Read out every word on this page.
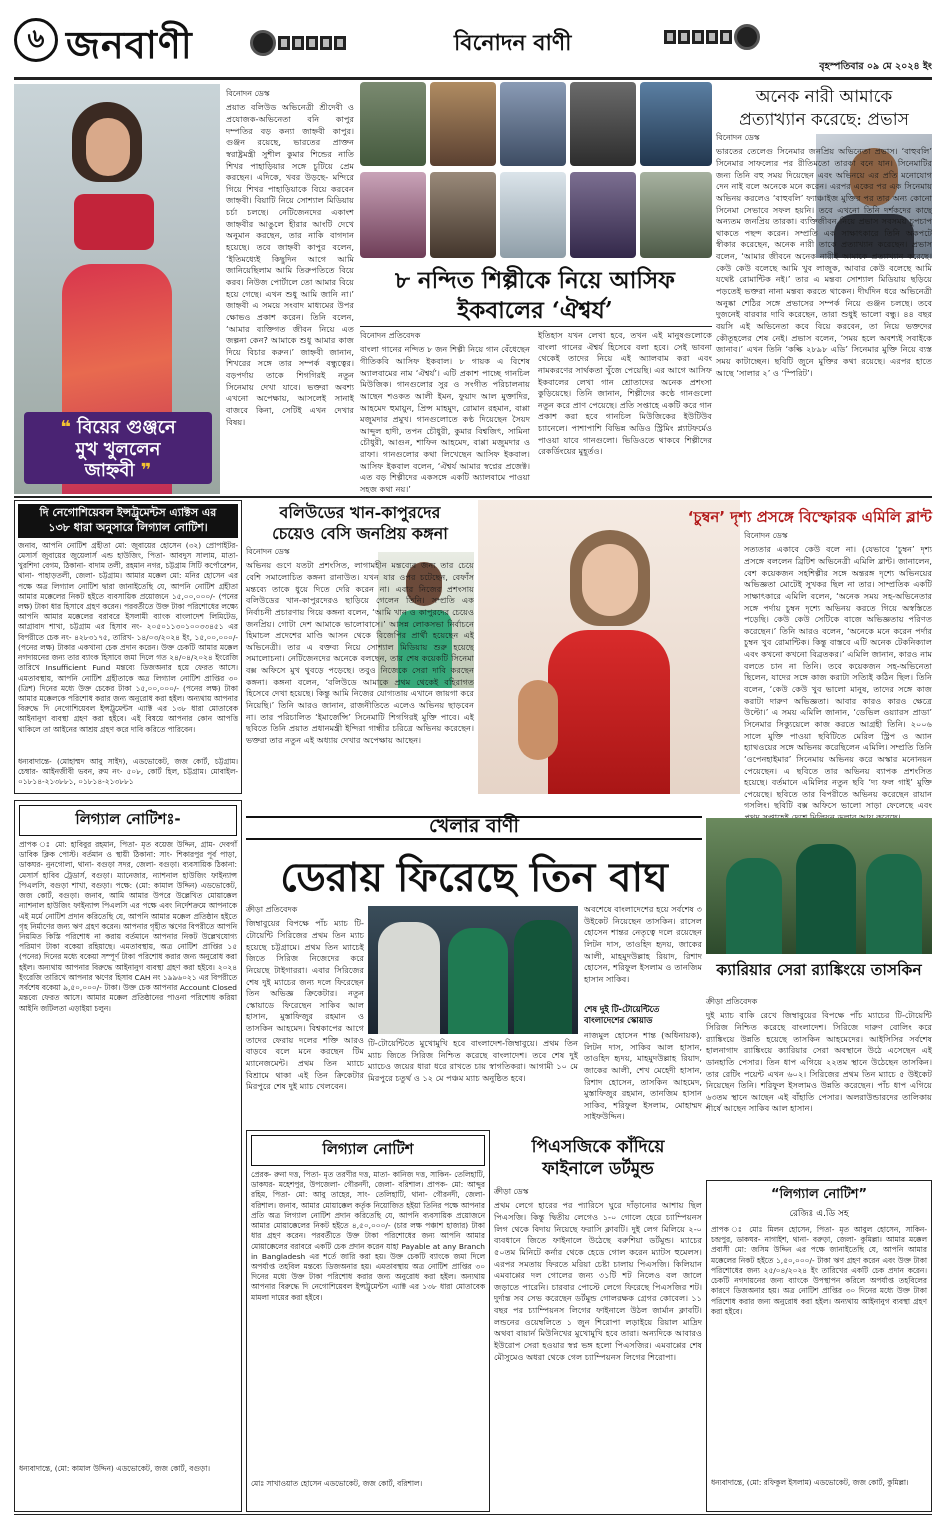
৬ জনবাণী	বিনোদন বাণী
বৃহস্পতিবার ০৯ মে ২০২৪ ইং
❝ বিয়ের গুঞ্জনে
মুখ খুললেন
জাহ্নবী ❞
বিনোদন ডেস্ক

প্রয়াত বলিউড অভিনেত্রী শ্রীদেবী ও প্রযোজক-অভিনেতা বনি কাপুর দম্পতির বড় কন্যা জাহ্নবী কাপুর। গুঞ্জন রয়েছে, ভারতের প্রাক্তন স্বরাষ্ট্রমন্ত্রী সুশীল কুমার শিন্ডের নাতি শিখর পাহাড়িয়ার সঙ্গে চুটিয়ে প্রেম করছেন। এদিকে, খবর উড়ছে- মন্দিরে গিয়ে শিখর পাহাড়িয়াকে বিয়ে করবেন জাহ্নবী। বিয়াটি নিয়ে সোশ্যাল মিডিয়ায় চর্চা চলছে। নেটিজেনদের একাংশ জাহ্নবীর আঙুলে হীরার আংটি দেখে অনুমান করছেন, তার নাকি বাগদান হয়েছে। তবে জাহ্নবী কাপুর বলেন, ‘ইতিমধ্যেই কিছুদিন আগে আমি জানিয়েছিলাম আমি তিরুপতিতে বিয়ে করব। নিউজ পোর্টালে তো আমার বিয়ে হয়ে গেছে। এখন শুধু আমি জানি না।’ জাহ্নবী এ সময়ে সংবাদ মাধ্যমের উপর ক্ষোভও প্রকাশ করেন। তিনি বলেন, ‘আমার ব্যক্তিগত জীবন নিয়ে এত জল্পনা কেন? আমাকে শুধু আমার কাজ দিয়ে বিচার করুন।’ জাহ্নবী জানান, শিখরের সঙ্গে তার সম্পর্ক বন্ধুত্বের। বড়পর্দায় তাকে শিগগিরই নতুন সিনেমায় দেখা যাবে। ভক্তরা অবশ্য এখনো অপেক্ষায়, আসলেই সানাই বাজবে কিনা, সেটিই এখন দেখার বিষয়।

৮ নন্দিত শিল্পীকে নিয়ে আসিফ
ইকবালের ‘ঐশ্বর্য’
বিনোদন প্রতিবেদক

বাংলা গানের নন্দিত ৮ জন শিল্পী নিয়ে গান বেঁধেছেন গীতিকবি আসিফ ইকবাল। ৮ গায়ক এ বিশেষ অ্যালবামের নাম ‘ঐশ্বর্য’। এটি প্রকাশ পাচ্ছে গানচিল মিউজিক। গানগুলোর সুর ও সংগীত পরিচালনায় আছেন শওকত আলী ইমন, ফুয়াদ আল মুক্তাদির, আহমেদ হুমায়ুন, প্রিন্স মাহমুদ, রোমান রহমান, বাপ্পা মজুমদার প্রমুখ। গানগুলোতে কণ্ঠ দিয়েছেন সৈয়দ আব্দুল হাদী, তপন চৌধুরী, কুমার বিশ্বজিৎ, সামিনা চৌধুরী, আগুন, শাফিন আহমেদ, বাপ্পা মজুমদার ও রাফা। গানগুলোর কথা লিখেছেন আসিফ ইকবাল। আসিফ ইকবাল বলেন, ‘ঐশ্বর্য আমার স্বপ্নের প্রজেক্ট। এত বড় শিল্পীদের একসঙ্গে একটি অ্যালবামে পাওয়া সহজ কথা নয়।’

ইতিহাস যখন লেখা হবে, তখন এই মানুষগুলোকে বাংলা গানের ঐশ্বর্য হিসেবে বলা হবে। সেই ভাবনা থেকেই তাদের নিয়ে এই অ্যালবাম করা এবং নামকরণের সার্থকতা খুঁজে পেয়েছি। এর আগে আসিফ ইকবালের লেখা গান শ্রোতাদের অনেক প্রশংসা কুড়িয়েছে। তিনি জানান, শিল্পীদের কণ্ঠে গানগুলো নতুন করে প্রাণ পেয়েছে। প্রতি সপ্তাহে একটি করে গান প্রকাশ করা হবে গানচিল মিউজিকের ইউটিউব চ্যানেলে। পাশাপাশি বিভিন্ন অডিও স্ট্রিমিং প্ল্যাটফর্মেও পাওয়া যাবে গানগুলো। ভিডিওতে থাকবে শিল্পীদের রেকর্ডিংয়ের মুহূর্তও।

অনেক নারী আমাকে
প্রত্যাখ্যান করেছে: প্রভাস
বিনোদন ডেস্ক

ভারতের তেলেগু সিনেমার জনপ্রিয় অভিনেতা প্রভাস। ‘বাহুবলি’ সিনেমার সাফল্যের পর রীতিমতো তারকা বনে যান। সিনেমাটির জন্য তিনি বহু সময় দিয়েছেন এবং অভিনয়ে এর প্রতি মনোযোগ দেন নাই বলে অনেকে মনে করেন। এরপর একের পর এক সিনেমায় অভিনয় করলেও ‘বাহুবলি’ ফ্যাঞ্চাইজ মুক্তির পর তার অন্য কোনো সিনেমা সেভাবে সফল হয়নি। তবে এখনো তিনি দর্শকদের কাছে অন্যতম জনপ্রিয় তারকা। ব্যক্তিজীবন নিয়ে প্রভাস সবসময় চুপচাপ থাকতে পছন্দ করেন। সম্প্রতি এক সাক্ষাৎকারে তিনি অকপটে স্বীকার করেছেন, অনেক নারী তাকে প্রত্যাখ্যান করেছেন। প্রভাস বলেন, ‘আমার জীবনে অনেক নারীই আমাকে প্রত্যাখ্যান করেছে। কেউ কেউ বলেছে আমি খুব লাজুক, আবার কেউ বলেছে আমি যথেষ্ট রোমান্টিক নই।’ তার এ মন্তব্য সোশ্যাল মিডিয়ায় ছড়িয়ে পড়তেই ভক্তরা নানা মন্তব্য করতে থাকেন। দীর্ঘদিন ধরে অভিনেত্রী অনুষ্কা শেঠির সঙ্গে প্রভাসের সম্পর্ক নিয়ে গুঞ্জন চলছে। তবে দুজনেই বারবার দাবি করেছেন, তারা শুধুই ভালো বন্ধু। ৪৪ বছর বয়সি এই অভিনেতা কবে বিয়ে করবেন, তা নিয়ে ভক্তদের কৌতূহলের শেষ নেই। প্রভাস বলেন, ‘সময় হলে অবশ্যই সবাইকে জানাব।’ এখন তিনি ‘কল্কি ২৮৯৮ এডি’ সিনেমার মুক্তি নিয়ে ব্যস্ত সময় কাটাচ্ছেন। ছবিটি জুনে মুক্তির কথা রয়েছে। এরপর হাতে আছে ‘সালার ২’ ও ‘স্পিরিট’।

দি নেগোশিয়েবল ইন্সট্রুমেন্টস এ্যাক্টস এর
১৩৮ ধারা অনুসারে লিগ্যাল নোটিশ।
জনাব, আপনি নোটিশ গ্রহীতা মো: জুবায়ের হোসেন (৩২) প্রোপাইটর- মেসার্স জুবায়ের জুয়েলার্স এন্ড হাউজিং, পিতা- আবদুস সালাম, মাতা- খুরশিদা বেগম, ঠিকানা- বাদাম তলী, রহমান নগর, চট্টগ্রাম সিটি কর্পোরেশন, থানা- পাহাড়তলী, জেলা- চট্টগ্রাম। আমার মক্কেল মো: মনির হোসেন এর পক্ষে অত্র লিগ্যাল নোটিশ দ্বারা জানাইতেছি যে, আপনি নোটিশ গ্রহীতা আমার মক্কেলের নিকট হইতে ব্যবসায়িক প্রয়োজনে ১৫,০০,০০০/- (পনের লক্ষ) টাকা ধার হিসাবে গ্রহণ করেন। পরবর্তীতে উক্ত টাকা পরিশোধের লক্ষ্যে আপনি আমার মক্কেলের বরাবরে ইসলামী ব্যাংক বাংলাদেশ লিমিটেড, আগ্রাবাদ শাখা, চট্টগ্রাম এর হিসাব নং- ২০৫০১১৩০১০০৩৩৪৫১ এর বিপরীতে চেক নং- ৪২৮৩১৭৫, তারিখ- ১৪/০৩/২০২৪ ইং, ১৫,০০,০০০/- (পনের লক্ষ) টাকার একখানা চেক প্রদান করেন। উক্ত চেকটি আমার মক্কেল নগদায়নের জন্য তার ব্যাংক হিসাবে জমা দিলে গত ২৪/০৪/২০২৪ ইংরেজি তারিখে Insufficient Fund মন্তব্যে ডিজঅনার হয়ে ফেরত আসে। এমতাবস্থায়, আপনি নোটিশ গ্রহীতাকে অত্র লিগ্যাল নোটিশ প্রাপ্তির ৩০ (ত্রিশ) দিনের মধ্যে উক্ত চেকের টাকা ১৫,০০,০০০/- (পনের লক্ষ) টাকা আমার মক্কেলকে পরিশোধ করার জন্য অনুরোধ করা হইল। অন্যথায় আপনার বিরুদ্ধে দি নেগোশিয়েবল ইন্সট্রুমেন্টস এ্যাক্ট এর ১৩৮ ধারা মোতাবেক আইনানুগ ব্যবস্থা গ্রহণ করা হইবে। এই বিষয়ে আপনার কোন আপত্তি থাকিলে তা আইনের আশ্রয় গ্রহণ করে দাবি করিতে পারিবেন।
ধন্যবাদান্তে- (মোহাম্মদ আবু সাইদ), এডভোকেট, জজ কোর্ট, চট্টগ্রাম। চেম্বার- আইনজীবী ভবন, রুম নং- ৫০৮, কোর্ট হিল, চট্টগ্রাম। মোবাইল- ০১৮১৪-২১৩৮৮১, ০১৮১৪-২১৩৮৮১
বলিউডের খান-কাপুরদের
চেয়েও বেসি জনপ্রিয় কঙ্গনা
বিনোদন ডেস্ক

অভিনয় গুণে যতটা প্রশংসিত, লাগামহীন মন্তব্যের জন্য তার চেয়ে বেশি সমালোচিত কঙ্গনা রানাউত। যখন যার ওপর চটেছেন, বেফাঁস মন্তব্যে তাকে ধুয়ে দিতে দেরি করেন না। এবার নিজের প্রশংসায় বলিউডের খান-কাপুরদেরও ছাড়িয়ে গেলেন তিনি। সম্প্রতি এক নির্বাচনী প্রচারণায় গিয়ে কঙ্গনা বলেন, ‘আমি খান ও কাপুরদের চেয়েও জনপ্রিয়। গোটা দেশ আমাকে ভালোবাসে।’ আসন্ন লোকসভা নির্বাচনে হিমাচল প্রদেশের মাণ্ডি আসন থেকে বিজেপির প্রার্থী হয়েছেন এই অভিনেত্রী। তার এ বক্তব্য নিয়ে সোশ্যাল মিডিয়ায় শুরু হয়েছে সমালোচনা। নেটিজেনদের অনেকে বলছেন, তার শেষ কয়েকটি সিনেমা বক্স অফিসে মুখ থুবড়ে পড়েছে। তবুও নিজেকে সেরা দাবি করছেন কঙ্গনা। কঙ্গনা বলেন, ‘বলিউডে আমাকে প্রথম থেকেই বহিরাগত হিসেবে দেখা হয়েছে। কিন্তু আমি নিজের যোগ্যতায় এখানে জায়গা করে নিয়েছি।’ তিনি আরও জানান, রাজনীতিতে এলেও অভিনয় ছাড়বেন না। তার পরিচালিত ‘ইমার্জেন্সি’ সিনেমাটি শিগগিরই মুক্তি পাবে। এই ছবিতে তিনি প্রয়াত প্রধানমন্ত্রী ইন্দিরা গান্ধীর চরিত্রে অভিনয় করেছেন। ভক্তরা তার নতুন এই অধ্যায় দেখার অপেক্ষায় আছেন।

‘চুম্বন’ দৃশ্য প্রসঙ্গে বিস্ফোরক এমিলি ব্লান্ট
বিনোদন ডেস্ক

সত্যতার একাবে কেউ বলে না। (যেভাবে ‘চুম্বন’ দৃশ্য প্রসঙ্গে বললেন ব্রিটিশ অভিনেত্রী এমিলি ব্লান্ট। জানালেন, বেশ কয়েকজন সহশিল্পীর সঙ্গে অন্তরঙ্গ দৃশ্যে অভিনয়ের অভিজ্ঞতা মোটেই সুখকর ছিল না তার। সাম্প্রতিক একটি সাক্ষাৎকারে এমিলি বলেন, ‘অনেক সময় সহ-অভিনেতার সঙ্গে পর্দায় চুম্বন দৃশ্যে অভিনয় করতে গিয়ে অস্বস্তিতে পড়েছি। কেউ কেউ সেটিকে বাজে অভিজ্ঞতায় পরিণত করেছেন।’ তিনি আরও বলেন, ‘অনেকে মনে করেন পর্দার চুম্বন খুব রোমান্টিক। কিন্তু বাস্তবে এটি অনেক টেকনিক্যাল এবং কখনো কখনো বিব্রতকর।’ এমিলি জানান, কারও নাম বলতে চান না তিনি। তবে কয়েকজন সহ-অভিনেতা ছিলেন, যাদের সঙ্গে কাজ করাটা সত্যিই কঠিন ছিল। তিনি বলেন, ‘কেউ কেউ খুব ভালো মানুষ, তাদের সঙ্গে কাজ করাটা দারুণ অভিজ্ঞতা। আবার কারও কারও ক্ষেত্রে উল্টো।’ এ সময় এমিলি জানান, ‘ডেভিল ওয়্যারস প্রাডা’ সিনেমার সিক্যুয়েলে কাজ করতে আগ্রহী তিনি। ২০০৬ সালে মুক্তি পাওয়া ছবিটিতে মেরিল স্ট্রিপ ও অ্যান হ্যাথওয়ের সঙ্গে অভিনয় করেছিলেন এমিলি। সম্প্রতি তিনি ‘ওপেনহাইমার’ সিনেমায় অভিনয় করে অস্কার মনোনয়ন পেয়েছেন। এ ছবিতে তার অভিনয় ব্যাপক প্রশংসিত হয়েছে। বর্তমানে এমিলির নতুন ছবি ‘দ্য ফল গাই’ মুক্তি পেয়েছে। ছবিতে তার বিপরীতে অভিনয় করেছেন রায়ান গসলিং। ছবিটি বক্স অফিসে ভালো সাড়া ফেলেছে এবং

খেলার বাণী
ডেরায় ফিরেছে তিন বাঘ
ক্যারিয়ার সেরা র‌্যাঙ্কিংয়ে তাসকিন
ক্রীড়া প্রতিবেদক

দুই ম্যাচ বাকি রেখে জিম্বাবুয়ের বিপক্ষে পাঁচ ম্যাচের টি-টোয়েন্টি সিরিজ নিশ্চিত করেছে বাংলাদেশ। সিরিজে দারুণ বোলিং করে র‌্যাঙ্কিংয়ে উন্নতি হয়েছে তাসকিন আহমেদের। আইসিসির সর্বশেষ হালনাগাদ র‌্যাঙ্কিংয়ে ক্যারিয়ার সেরা অবস্থানে উঠে এসেছেন এই ডানহাতি পেসার। তিন ধাপ এগিয়ে ২২তম স্থানে উঠেছেন তাসকিন। তার রেটিং পয়েন্ট এখন ৬০২। সিরিজের প্রথম তিন ম্যাচে ৫ উইকেট নিয়েছেন তিনি। শরিফুল ইসলামও উন্নতি করেছেন। পাঁচ ধাপ এগিয়ে ৬৩তম স্থানে আছেন এই বাঁহাতি পেসার। অলরাউন্ডারদের তালিকায় শীর্ষে আছেন সাকিব আল হাসান।

ক্রীড়া প্রতিবেদক

জিম্বাবুয়ের বিপক্ষে পাঁচ ম্যাচ টি-টোয়েন্টি সিরিজের প্রথম তিন ম্যাচ হয়েছে চট্টগ্রামে। প্রথম তিন ম্যাচেই জিতে সিরিজ নিজেদের করে নিয়েছে টাইগাররা। এবার সিরিজের শেষ দুই ম্যাচের জন্য দলে ফিরেছেন তিন অভিজ্ঞ ক্রিকেটার। নতুন স্কোয়াডে ফিরেছেন সাকিব আল হাসান, মুস্তাফিজুর রহমান ও তাসকিন আহমেদ। বিশ্বকাপের আগে তাদের ফেরায় দলের শক্তি আরও বাড়বে বলে মনে করছেন টিম ম্যানেজমেন্ট। প্রথম তিন ম্যাচে বিশ্রামে থাকা এই তিন ক্রিকেটার মিরপুরে শেষ দুই ম্যাচ খেলবেন।

টি-টোয়েন্টিতে মুখোমুখি হবে বাংলাদেশ-জিম্বাবুয়ে। প্রথম তিন ম্যাচ জিতে সিরিজ নিশ্চিত করেছে বাংলাদেশ। তবে শেষ দুই ম্যাচেও জয়ের ধারা ধরে রাখতে চায় স্বাগতিকরা। আগামী ১০ মে মিরপুরে চতুর্থ ও ১২ মে পঞ্চম ম্যাচ অনুষ্ঠিত হবে।

অবশেষে বাংলাদেশের হয়ে সর্বশেষ ৩ উইকেট নিয়েছেন তাসকিন। রাসেল হোসেন শান্তর নেতৃত্বে দলে রয়েছেন লিটন দাস, তাওহিদ হৃদয়, জাকের আলী, মাহমুদউল্লাহ রিয়াদ, রিশাদ হোসেন, শরিফুল ইসলাম ও তানজিম হাসান সাকিব।

শেষ দুই টি-টোয়েন্টিতে বাংলাদেশের স্কোয়াড
নাজমুল হোসেন শান্ত (অধিনায়ক), লিটন দাস, সাকিব আল হাসান, তাওহিদ হৃদয়, মাহমুদউল্লাহ রিয়াদ, জাকের আলী, শেখ মেহেদী হাসান, রিশাদ হোসেন, তাসকিন আহমেদ, মুস্তাফিজুর রহমান, তানজিম হাসান সাকিব, শরিফুল ইসলাম, মোহাম্মদ সাইফউদ্দিন।
লিগ্যাল নোটিশঃ-
প্রাপক ঃ মো: হাবিবুর রহমান, পিতা- মৃত বয়েজ উদ্দিন, গ্রাম- দেবগাঁ ডাবিক ক্লিক পোস্ট। বর্তমান ও স্থায়ী ঠিকানা: সাং- শিকারপুর পূর্ব পাড়া, ডাকঘর- নুনগোলা, থানা- বগুড়া সদর, জেলা- বগুড়া। ব্যবসায়িক ঠিকানা: মেসার্স হাবিব ট্রেডার্স, বগুড়া। ম্যানেজার, ন্যাশনাল হাউজিং ফাইন্যান্স পিএলসি, বগুড়া শাখা, বগুড়া। পক্ষে: (মো: কামাল উদ্দিন) এডভোকেট, জজ কোর্ট, বগুড়া। জনাব, আমি আমার উপরে উল্লেখিত মোয়াক্কেল ন্যাশনাল হাউজিং ফাইন্যান্স পিএলসি এর পক্ষে এবং নির্দেশক্রমে আপনাকে এই মর্মে নোটিশ প্রদান করিতেছি যে, আপনি আমার মক্কেল প্রতিষ্ঠান হইতে গৃহ নির্মাণের জন্য ঋণ গ্রহণ করেন। আপনার গৃহীত ঋণের বিপরীতে আপনি নিয়মিত কিস্তি পরিশোধ না করায় বর্তমানে আপনার নিকট উল্লেখযোগ্য পরিমাণ টাকা বকেয়া রহিয়াছে। এমতাবস্থায়, অত্র নোটিশ প্রাপ্তির ১৫ (পনের) দিনের মধ্যে বকেয়া সম্পূর্ণ টাকা পরিশোধ করার জন্য অনুরোধ করা হইল। অন্যথায় আপনার বিরুদ্ধে আইনানুগ ব্যবস্থা গ্রহণ করা হইবে। ২০২৪ ইংরেজি তারিখে আপনার ঋণের হিসাব CAH নং ১৯৯৬০২১ এর বিপরীতে সর্বশেষ বকেয়া ৯,৫০,০০০/- টাকা। উক্ত চেক আপনার Account Closed মন্তব্যে ফেরত আসে। আমার মক্কেল প্রতিষ্ঠানের পাওনা পরিশোধ করিয়া আইনি জটিলতা এড়াইয়া চলুন।
ধন্যবাদান্তে, (মো: কামাল উদ্দিন) এডভোকেট, জজ কোর্ট, বগুড়া।
লিগ্যাল নোটিশ
প্রেরক- রুনা দত্ত, পিতা- মৃত তরণীর দত্ত, মাতা- কানিজ দত্ত, সাকিন- তেলিহাটি, ডাকঘর- মহেশপুর, উপজেলা- গৌরনদী, জেলা- বরিশাল। প্রাপক- মো: আব্দুর রহিম, পিতা- মো: আবু তাহের, সাং- তেলিহাটি, থানা- গৌরনদী, জেলা- বরিশাল। জনাব, আমার মোয়াক্কেল কর্তৃক নিয়োজিত হইয়া তিনির পক্ষে আপনার প্রতি অত্র লিগ্যাল নোটিশ প্রদান করিতেছি যে, আপনি ব্যবসায়িক প্রয়োজনে আমার মোয়াক্কেলের নিকট হইতে ৪,৫০,০০০/- (চার লক্ষ পঞ্চাশ হাজার) টাকা ধার গ্রহণ করেন। পরবর্তীতে উক্ত টাকা পরিশোধের জন্য আপনি আমার মোয়াক্কেলের বরাবরে একটি চেক প্রদান করেন যাহা Payable at any Branch in Bangladesh এর শর্তে জারি করা হয়। উক্ত চেকটি ব্যাংকে জমা দিলে অপর্যাপ্ত তহবিল মন্তব্যে ডিজঅনার হয়। এমতাবস্থায় অত্র নোটিশ প্রাপ্তির ৩০ দিনের মধ্যে উক্ত টাকা পরিশোধ করার জন্য অনুরোধ করা হইল। অন্যথায় আপনার বিরুদ্ধে দি নেগোশিয়েবল ইন্সট্রুমেন্টস এ্যাক্ট এর ১৩৮ ধারা মোতাবেক মামলা দায়ের করা হইবে।
মোঃ সাখাওয়াত হোসেন এডভোকেট, জজ কোর্ট, বরিশাল।
পিএসজিকে কাঁদিয়ে
ফাইনালে ডর্টমুন্ড
ক্রীড়া ডেস্ক

প্রথম লেগে হারের পর প্যারিসে ঘুরে দাঁড়ানোর আশায় ছিল পিএসজি। কিন্তু দ্বিতীয় লেগেও ১-০ গোলে হেরে চ্যাম্পিয়নস লিগ থেকে বিদায় নিয়েছে ফরাসি ক্লাবটি। দুই লেগ মিলিয়ে ২-০ ব্যবধানে জিতে ফাইনালে উঠেছে বরুশিয়া ডর্টমুন্ড। ম্যাচের ৫০তম মিনিটে কর্নার থেকে হেডে গোল করেন ম্যাটস হুমেলস। এরপর সমতায় ফিরতে মরিয়া চেষ্টা চালায় পিএসজি। কিলিয়ান এমবাপ্পের দল গোলের জন্য ৩১টি শট নিলেও বল জালে জড়াতে পারেনি। চারবার পোস্টে লেগে ফিরেছে পিএসজির শট। দুর্দান্ত সব সেভ করেছেন ডর্টমুন্ড গোলরক্ষক গ্রেগর কোবেল। ১১ বছর পর চ্যাম্পিয়নস লিগের ফাইনালে উঠল জার্মান ক্লাবটি। লন্ডনের ওয়েম্বলিতে ১ জুন শিরোপা লড়াইয়ে রিয়াল মাদ্রিদ অথবা বায়ার্ন মিউনিখের মুখোমুখি হবে তারা। অন্যদিকে আবারও ইউরোপ সেরা হওয়ার স্বপ্ন ভঙ্গ হলো পিএসজির। এমবাপ্পের শেষ মৌসুমেও অধরা থেকে গেল চ্যাম্পিয়নস লিগের শিরোপা।

“লিগ্যাল নোটিশ”
রেজিঃ এ.ডি সহ
প্রাপক ঃ মোঃ মিলন হোসেন, পিতা- মৃত আবুল হোসেন, সাকিন- চন্দ্রপুর, ডাকঘর- নাগাইশ, থানা- বরুড়া, জেলা- কুমিল্লা। আমার মক্কেল প্রবাসী মো: জসিম উদ্দিন এর পক্ষে জানাইতেছি যে, আপনি আমার মক্কেলের নিকট হইতে ১,৫০,০০০/- টাকা ঋণ গ্রহণ করেন এবং উক্ত টাকা পরিশোধের জন্য ২৫/০৪/২০২৪ ইং তারিখের একটি চেক প্রদান করেন। চেকটি নগদায়নের জন্য ব্যাংকে উপস্থাপন করিলে অপর্যাপ্ত তহবিলের কারণে ডিজঅনার হয়। অত্র নোটিশ প্রাপ্তির ৩০ দিনের মধ্যে উক্ত টাকা পরিশোধ করার জন্য অনুরোধ করা হইল। অন্যথায় আইনানুগ ব্যবস্থা গ্রহণ করা হইবে।
ধন্যবাদান্তে, (মো: রফিকুল ইসলাম) এডভোকেট, জজ কোর্ট, কুমিল্লা।
